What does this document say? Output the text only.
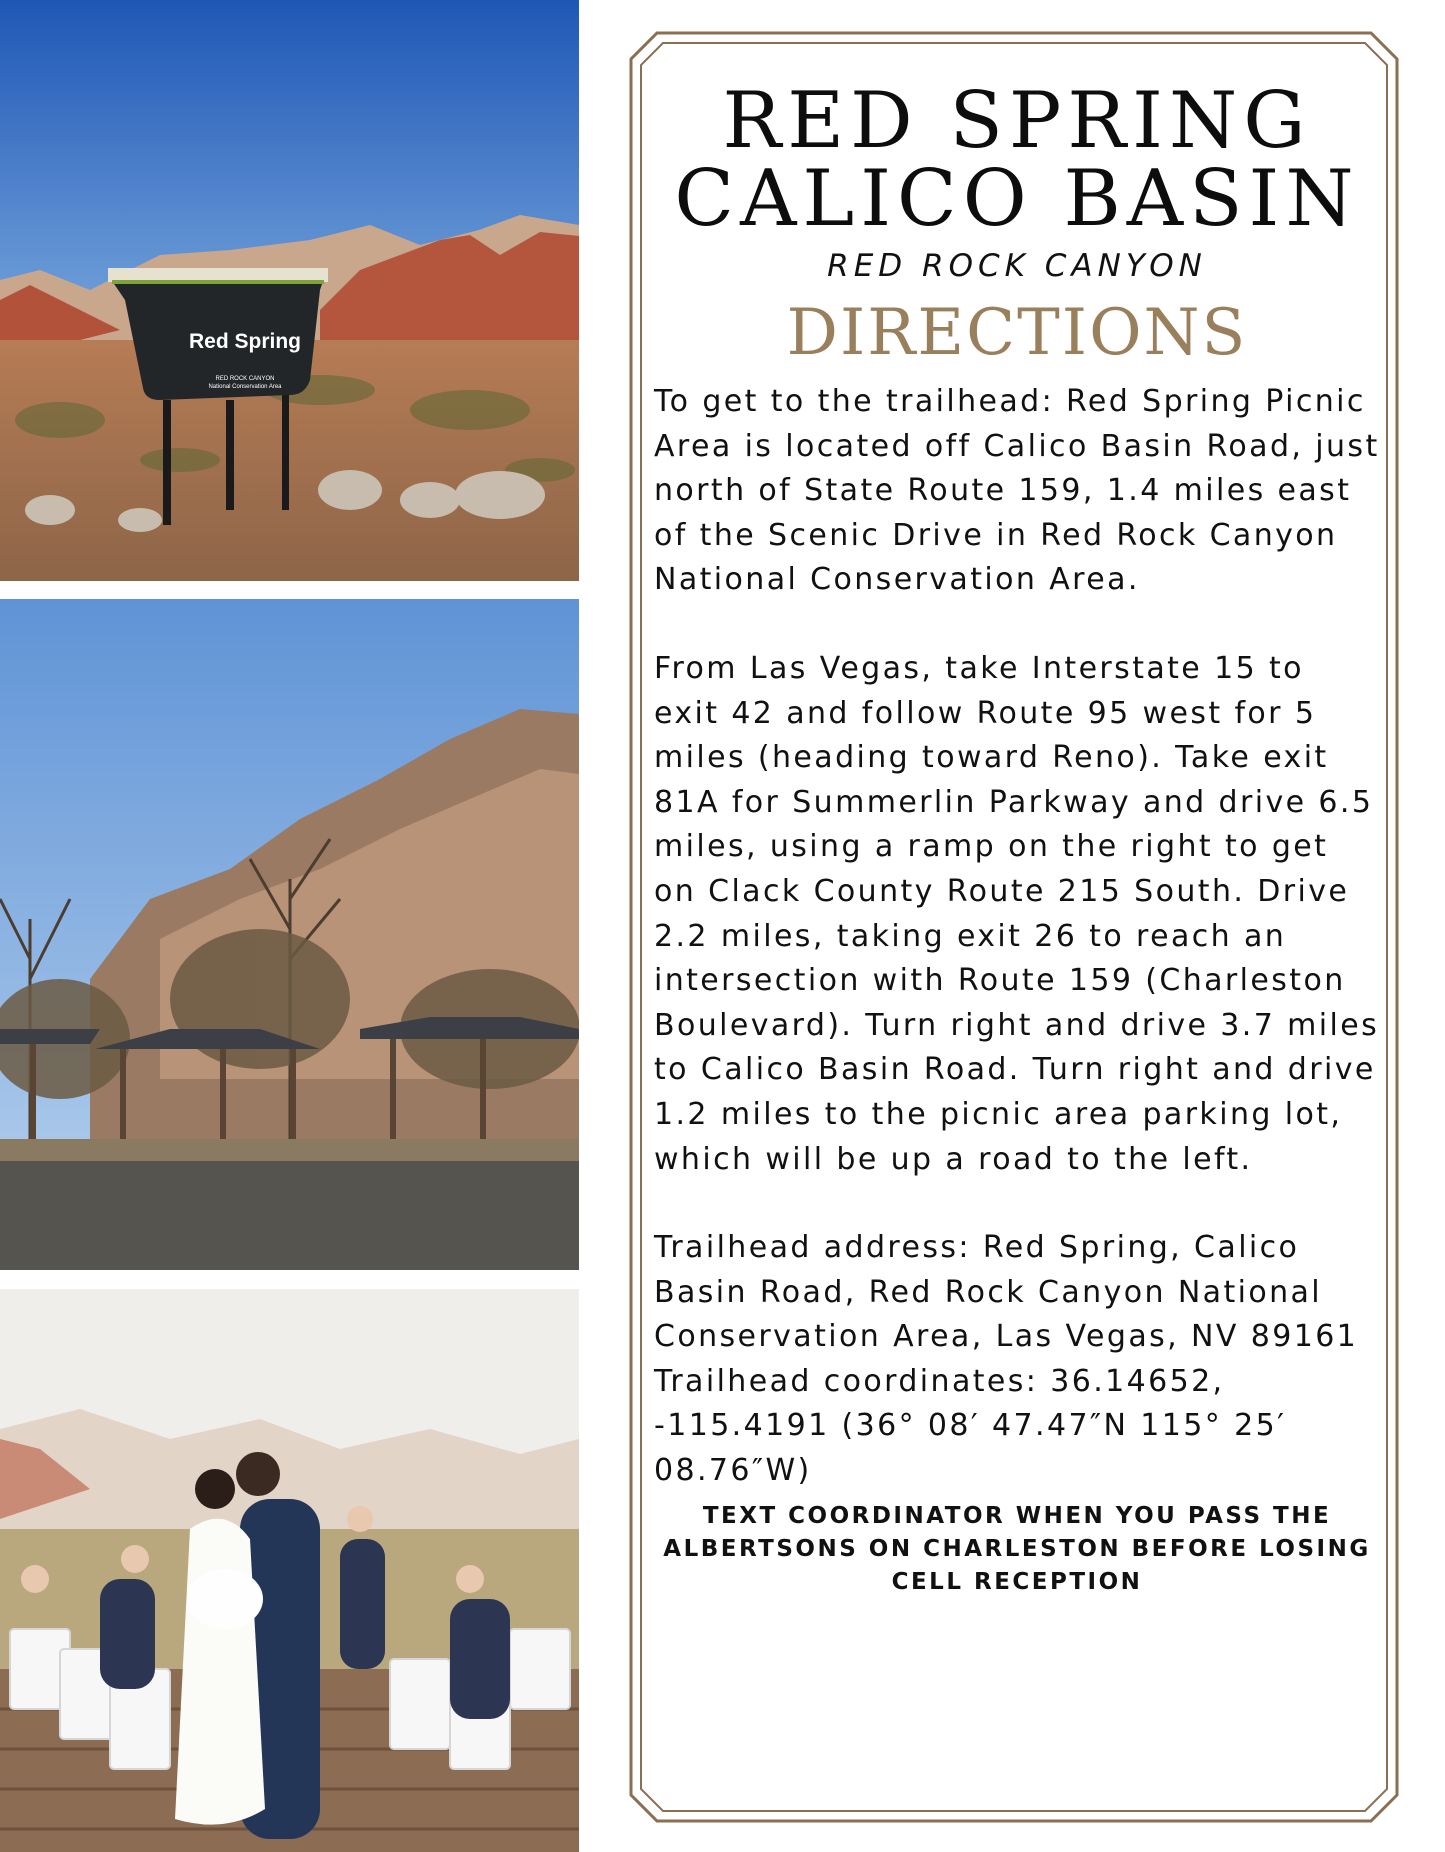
Red Spring
RED ROCK CANYON
National Conservation Area
RED SPRING
CALICO BASIN

RED ROCK CANYON

DIRECTIONS

To get to the trailhead: Red Spring Picnic Area is located off Calico Basin Road, just north of State Route 159, 1.4 miles east of the Scenic Drive in Red Rock Canyon National Conservation Area.

From Las Vegas, take Interstate 15 to exit 42 and follow Route 95 west for 5 miles (heading toward Reno). Take exit 81A for Summerlin Parkway and drive 6.5 miles, using a ramp on the right to get on Clack County Route 215 South. Drive 2.2 miles, taking exit 26 to reach an intersection with Route 159 (Charleston Boulevard). Turn right and drive 3.7 miles to Calico Basin Road. Turn right and drive 1.2 miles to the picnic area parking lot, which will be up a road to the left.

Trailhead address: Red Spring, Calico Basin Road, Red Rock Canyon National Conservation Area, Las Vegas, NV 89161

Trailhead coordinates: 36.14652, -115.4191 (36° 08′ 47.47″N 115° 25′ 08.76″W)

TEXT COORDINATOR WHEN YOU PASS THE ALBERTSONS ON CHARLESTON BEFORE LOSING CELL RECEPTION
